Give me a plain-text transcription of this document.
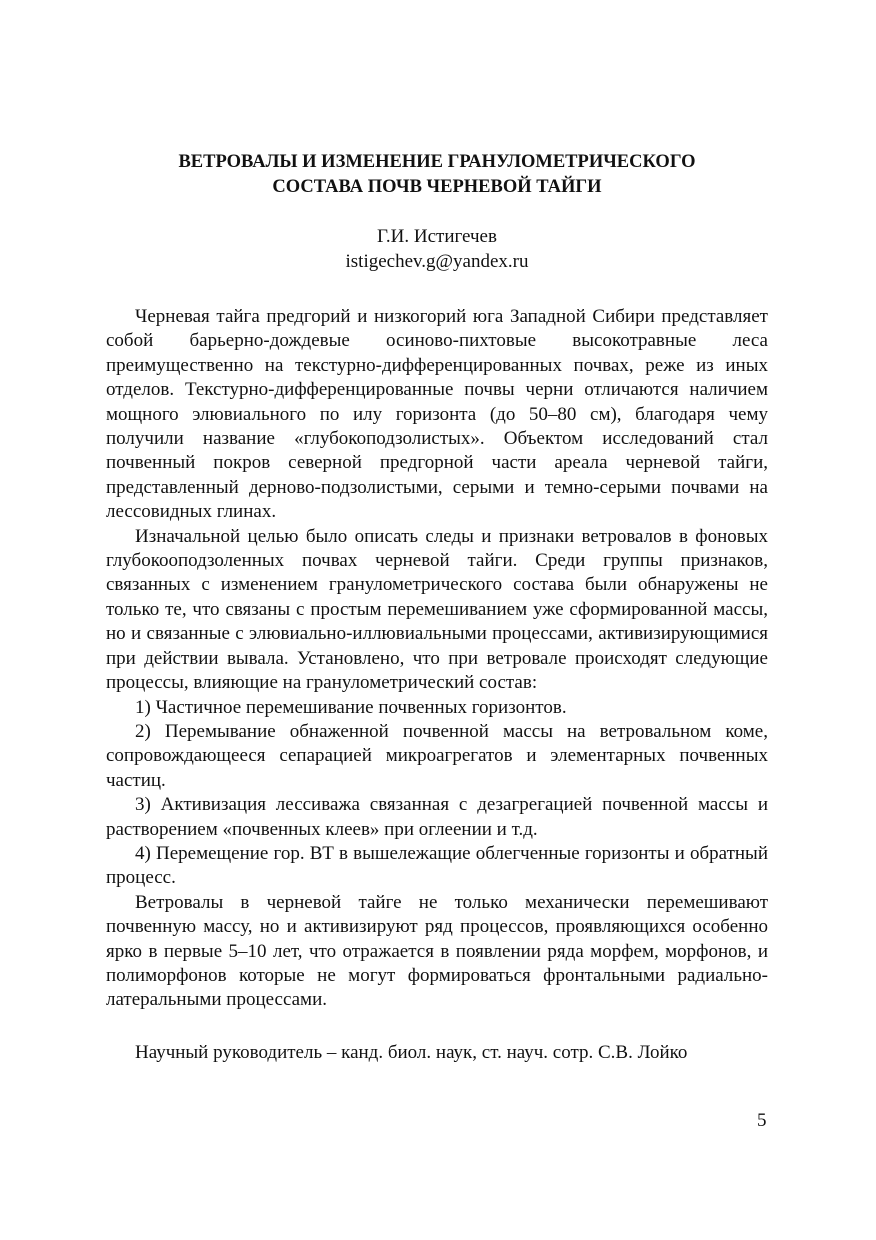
ВЕТРОВАЛЫ И ИЗМЕНЕНИЕ ГРАНУЛОМЕТРИЧЕСКОГО
СОСТАВА ПОЧВ ЧЕРНЕВОЙ ТАЙГИ
Г.И. Истигечев
istigechev.g@yandex.ru

Черневая тайга предгорий и низкогорий юга Западной Сибири представляет собой барьерно-дождевые осиново-пихтовые высокотравные леса преимущественно на текстурно-дифференцированных почвах, реже из иных отделов. Текстурно-дифференцированные почвы черни отличаются наличием мощного элювиального по илу горизонта (до 50–80 см), благодаря чему получили название «глубокоподзолистых». Объектом исследований стал почвенный покров северной предгорной части ареала черневой тайги, представленный дерново-подзолистыми, серыми и темно-серыми почвами на лессовидных глинах.

Изначальной целью было описать следы и признаки ветровалов в фоновых глубокооподзоленных почвах черневой тайги. Среди группы признаков, связанных с изменением гранулометрического состава были обнаружены не только те, что связаны с простым перемешиванием уже сформированной массы, но и связанные с элювиально-иллювиальными процессами, активизирующимися при действии вывала. Установлено, что при ветровале происходят следующие процессы, влияющие на гранулометрический состав:

1) Частичное перемешивание почвенных горизонтов.

2) Перемывание обнаженной почвенной массы на ветровальном коме, сопровождающееся сепарацией микроагрегатов и элементарных почвенных частиц.

3) Активизация лессиважа связанная с дезагрегацией почвенной массы и растворением «почвенных клеев» при оглеении и т.д.

4) Перемещение гор. ВТ в вышележащие облегченные горизонты и обратный процесс.

Ветровалы в черневой тайге не только механически перемешивают почвенную массу, но и активизируют ряд процессов, проявляющихся особенно ярко в первые 5–10 лет, что отражается в появлении ряда морфем, морфонов, и полиморфонов которые не могут формироваться фронтальными радиально-латеральными процессами.

Научный руководитель – канд. биол. наук, ст. науч. сотр. С.В. Лойко
5
